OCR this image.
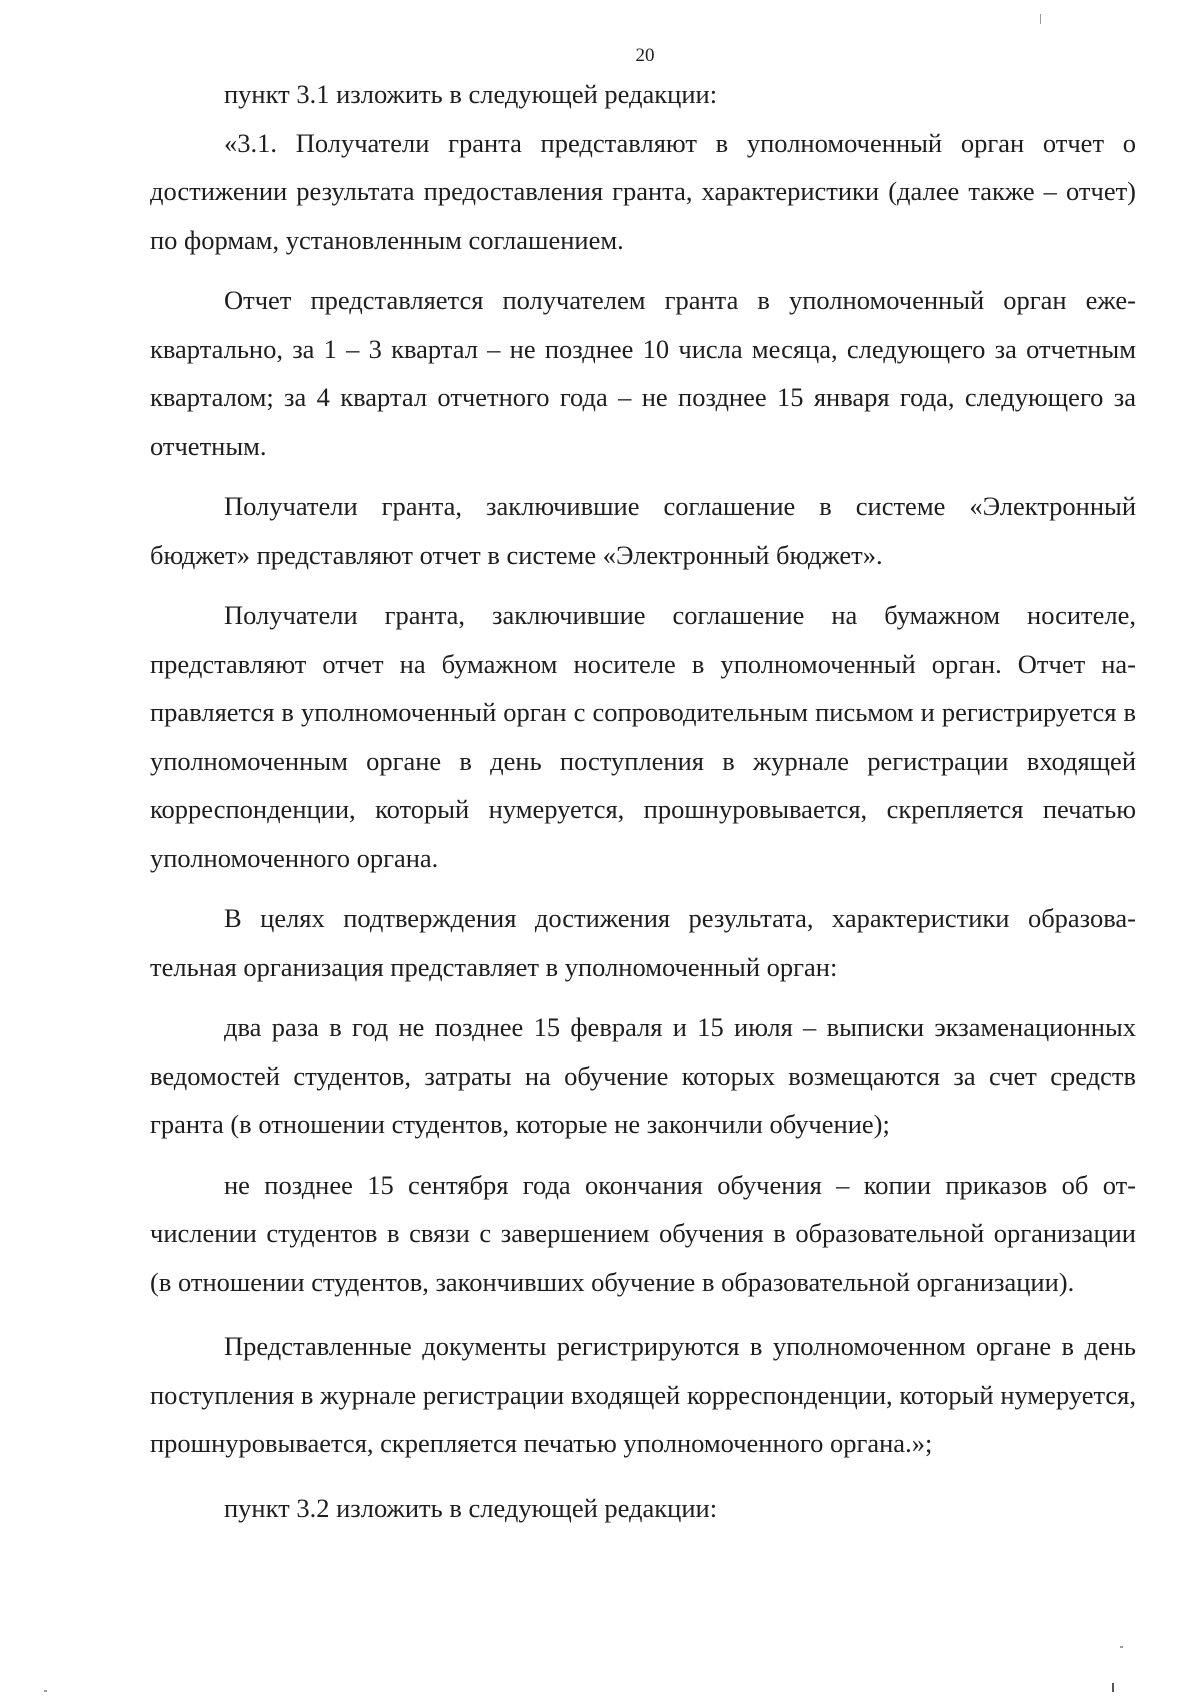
20

пункт 3.1 изложить в следующей редакции:

«3.1. Получатели гранта представляют в уполномоченный орган отчет о достижении результата предоставления гранта, характеристики (далее также – отчет) по формам, установленным соглашением.

Отчет представляется получателем гранта в уполномоченный орган ежеквартально, за 1 – 3 квартал – не позднее 10 числа месяца, следующего за отчетным кварталом; за 4 квартал отчетного года – не позднее 15 января года, следующего за отчетным.

Получатели гранта, заключившие соглашение в системе «Электронный бюджет» представляют отчет в системе «Электронный бюджет».

Получатели гранта, заключившие соглашение на бумажном носителе, представляют отчет на бумажном носителе в уполномоченный орган. Отчет направляется в уполномоченный орган с сопроводительным письмом и регистрируется в уполномоченным органе в день поступления в журнале регистрации входящей корреспонденции, который нумеруется, прошнуровывается, скрепляется печатью уполномоченного органа.

В целях подтверждения достижения результата, характеристики образовательная организация представляет в уполномоченный орган:

два раза в год не позднее 15 февраля и 15 июля – выписки экзаменационных ведомостей студентов, затраты на обучение которых возмещаются за счет средств гранта (в отношении студентов, которые не закончили обучение);

не позднее 15 сентября года окончания обучения – копии приказов об отчислении студентов в связи с завершением обучения в образовательной организации (в отношении студентов, закончивших обучение в образовательной организации).

Представленные документы регистрируются в уполномоченном органе в день поступления в журнале регистрации входящей корреспонденции, который нумеруется, прошнуровывается, скрепляется печатью уполномоченного органа.»;

пункт 3.2 изложить в следующей редакции:
